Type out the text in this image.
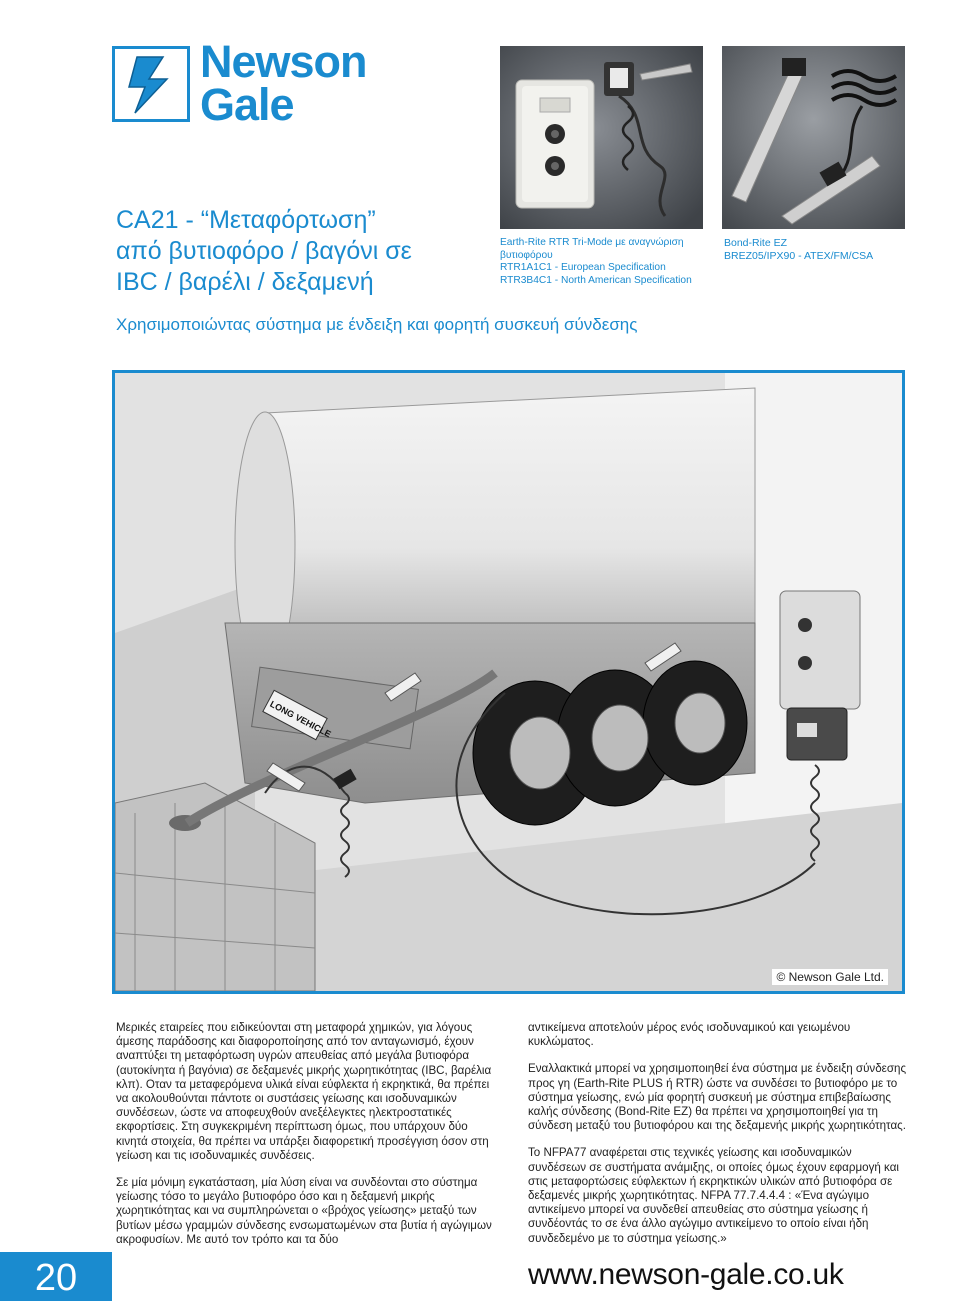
Newson
Gale
CA21 - “Μεταφόρτωση”
από βυτιοφόρο / βαγόνι σε
IBC / βαρέλι / δεξαμενή
Earth-Rite RTR Tri-Mode με αναγνώριση
βυτιοφόρου
RTR1A1C1 - European Specification
RTR3B4C1 - North American Specification
Bond-Rite EZ
BREZ05/IPX90 - ATEX/FM/CSA
Χρησιμοποιώντας σύστημα με ένδειξη και φορητή συσκευή σύνδεσης
LONG VEHICLE
© Newson Gale Ltd.

Μερικές εταιρείες που ειδικεύονται στη μεταφορά χημικών, για λόγους άμεσης παράδοσης και διαφοροποίησης από τον ανταγωνισμό, έχουν αναπτύξει τη μεταφόρτωση υγρών απευθείας από μεγάλα βυτιοφόρα (αυτοκίνητα ή βαγόνια) σε δεξαμενές μικρής χωρητικότητας (IBC, βαρέλια κλπ). Οταν τα μεταφερόμενα υλικά είναι εύφλεκτα ή εκρηκτικά, θα πρέπει να ακολουθούνται πάντοτε οι συστάσεις γείωσης και ισοδυναμικών συνδέσεων, ώστε να αποφευχθούν ανεξέλεγκτες ηλεκτροστατικές εκφορτίσεις. Στη συγκεκριμένη περίπτωση όμως, που υπάρχουν δύο κινητά στοιχεία, θα πρέπει να υπάρξει διαφορετική προσέγγιση όσον στη γείωση και τις ισοδυναμικές συνδέσεις.

Σε μία μόνιμη εγκατάσταση, μία λύση είναι να συνδέονται στο σύστημα γείωσης τόσο το μεγάλο βυτιοφόρο όσο και η δεξαμενή μικρής χωρητικότητας και να συμπληρώνεται ο «βρόχος γείωσης» μεταξύ των βυτίων μέσω γραμμών σύνδεσης ενσωματωμένων στα βυτία ή αγώγιμων ακροφυσίων. Με αυτό τον τρόπο και τα δύο

αντικείμενα αποτελούν μέρος ενός ισοδυναμικού και γειωμένου κυκλώματος.

Εναλλακτικά μπορεί να χρησιμοποιηθεί ένα σύστημα με ένδειξη σύνδεσης προς γη (Earth-Rite PLUS ή RTR) ώστε να συνδέσει το βυτιοφόρο με το σύστημα γείωσης, ενώ μία φορητή συσκευή με σύστημα επιβεβαίωσης καλής σύνδεσης (Bond-Rite EZ) θα πρέπει να χρησιμοποιηθεί για τη σύνδεση μεταξύ του βυτιοφόρου και της δεξαμενής μικρής χωρητικότητας.

Το NFPA77 αναφέρεται στις τεχνικές γείωσης και ισοδυναμικών συνδέσεων σε συστήματα ανάμιξης, οι οποίες όμως έχουν εφαρμογή και στις μεταφορτώσεις εύφλεκτων ή εκρηκτικών υλικών από βυτιοφόρα σε δεξαμενές μικρής χωρητικότητας. NFPA 77.7.4.4.4 : «Ένα αγώγιμο αντικείμενο μπορεί να συνδεθεί απευθείας στο σύστημα γείωσης ή συνδέοντάς το σε ένα άλλο αγώγιμο αντικείμενο το οποίο είναι ήδη συνδεδεμένο με το σύστημα γείωσης.»

20	www.newson-gale.co.uk
